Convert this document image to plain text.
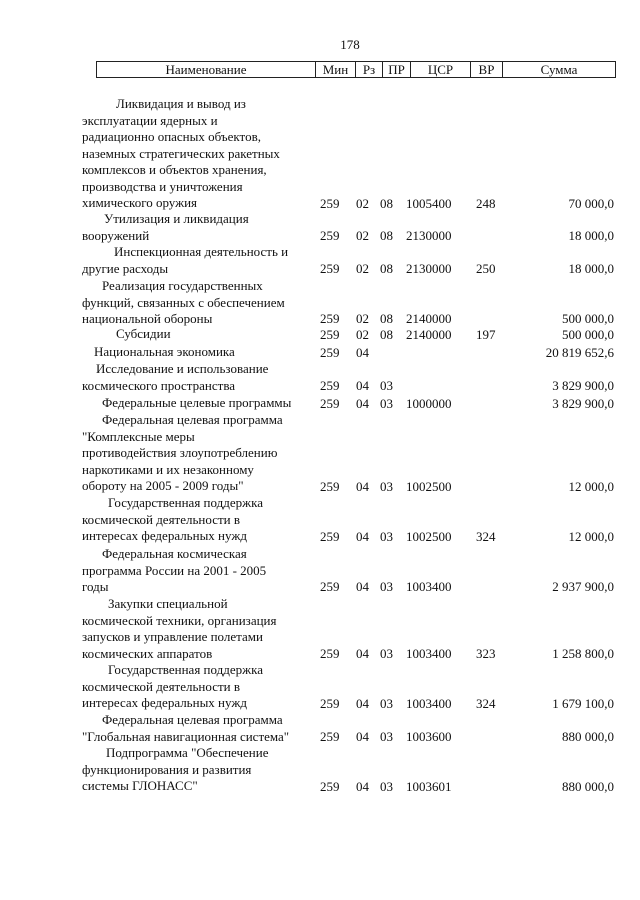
178
Наименование	Мин	Рз	ПР	ЦСР	ВР	Сумма
Ликвидация и вывод из
эксплуатации ядерных и
радиационно опасных объектов,
наземных стратегических ракетных
комплексов и объектов хранения,
производства и уничтожения
химического оружия	259 02 08 1005400 248	70 000,0
Утилизация и ликвидация
вооружений	259 02 08 2130000	18 000,0
Инспекционная деятельность и
другие расходы	259 02 08 2130000 250	18 000,0
Реализация государственных
функций, связанных с обеспечением
национальной обороны	259 02 08 2140000	500 000,0
Субсидии	259 02 08 2140000 197	500 000,0
Национальная экономика	259 04	20 819 652,6
Исследование и использование
космического пространства	259 04 03	3 829 900,0
Федеральные целевые программы	259 04 03 1000000	3 829 900,0
Федеральная целевая программа
"Комплексные меры
противодействия злоупотреблению
наркотиками и их незаконному
обороту на 2005 - 2009 годы"	259 04 03 1002500	12 000,0
Государственная поддержка
космической деятельности в
интересах федеральных нужд	259 04 03 1002500 324	12 000,0
Федеральная космическая
программа России на 2001 - 2005
годы	259 04 03 1003400	2 937 900,0
Закупки специальной
космической техники, организация
запусков и управление полетами
космических аппаратов	259 04 03 1003400 323	1 258 800,0
Государственная поддержка
космической деятельности в
интересах федеральных нужд	259 04 03 1003400 324	1 679 100,0
Федеральная целевая программа
"Глобальная навигационная система"	259 04 03 1003600	880 000,0
Подпрограмма "Обеспечение
функционирования и развития
системы ГЛОНАСС"	259 04 03 1003601	880 000,0
